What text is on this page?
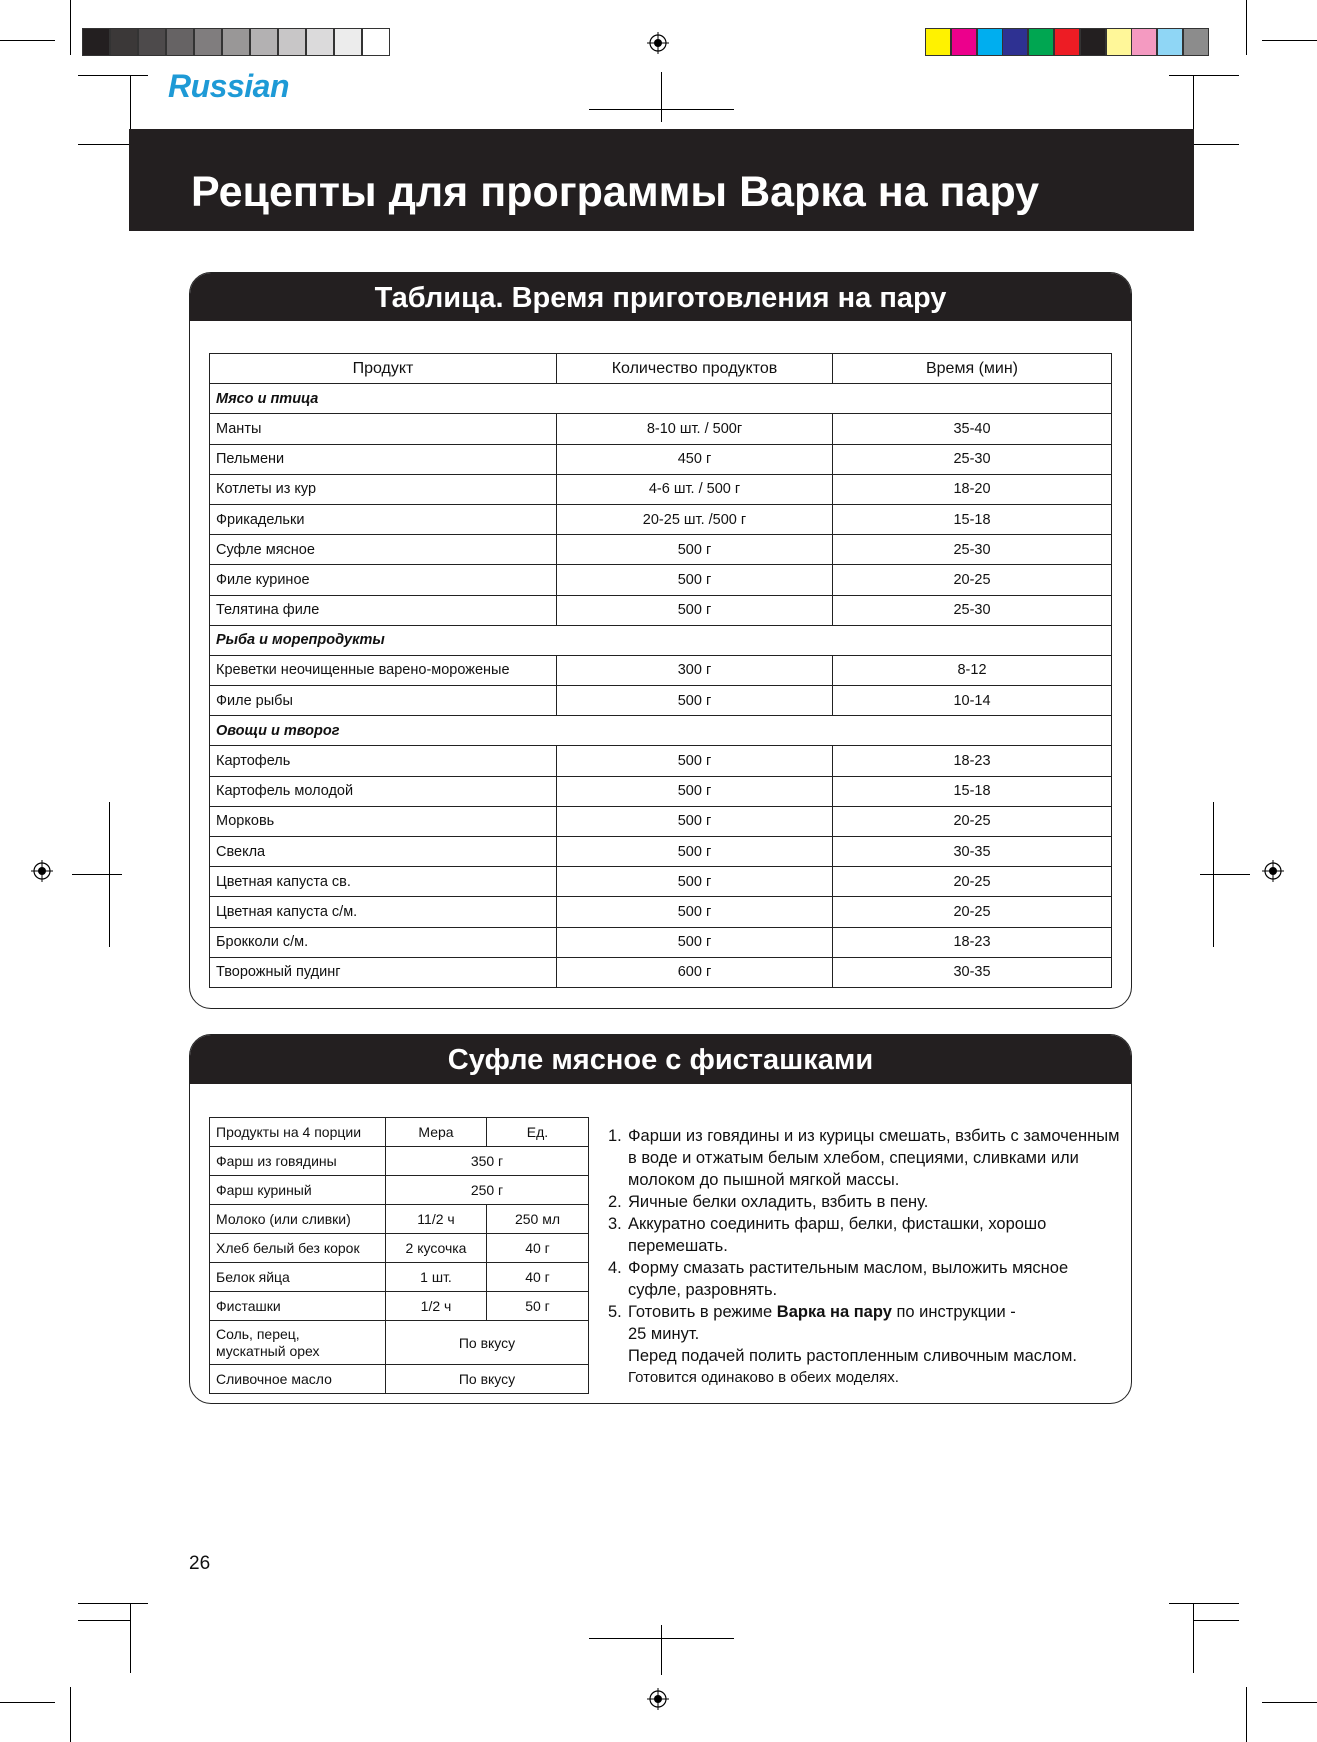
Russian
Рецепты для программы Варка на пару
Таблица. Время приготовления на пару
Продукт	Количество продуктов	Время (мин)
Мясо и птица		
Манты	8-10 шт. / 500г	35-40
Пельмени	450 г	25-30
Котлеты из кур	4-6 шт. / 500 г	18-20
Фрикадельки	20-25 шт. /500 г	15-18
Суфле мясное	500 г	25-30
Филе куриное	500 г	20-25
Телятина филе	500 г	25-30
Рыба и морепродукты		
Креветки неочищенные варено-мороженые	300 г	8-12
Филе рыбы	500 г	10-14
Овощи и творог		
Картофель	500 г	18-23
Картофель молодой	500 г	15-18
Морковь	500 г	20-25
Свекла	500 г	30-35
Цветная капуста св.	500 г	20-25
Цветная капуста с/м.	500 г	20-25
Брокколи с/м.	500 г	18-23
Творожный пудинг	600 г	30-35
Суфле мясное с фисташками
Продукты на 4 порции	Мера	Ед.
Фарш из говядины	350 г	
Фарш куриный	250 г	
Молоко (или сливки)	11/2 ч	250 мл
Хлеб белый без корок	2 кусочка	40 г
Белок яйца	1 шт.	40 г
Фисташки	1/2 ч	50 г
Соль, перец,
мускатный орех	По вкусу	
Сливочное масло	По вкусу	
1. Фарши из говядины и из курицы смешать, взбить с замоченным в воде и отжатым белым хлебом, специями, сливками или молоком до пышной мягкой массы.
2. Яичные белки охладить, взбить в пену.
3. Аккуратно соединить фарш, белки, фисташки, хорошо перемешать.
4. Форму смазать растительным маслом, выложить мясное суфле, разровнять.
5. Готовить в режиме Варка на пару по инструкции -
25 минут.
Перед подачей полить растопленным сливочным маслом.
Готовится одинаково в обеих моделях.
26
